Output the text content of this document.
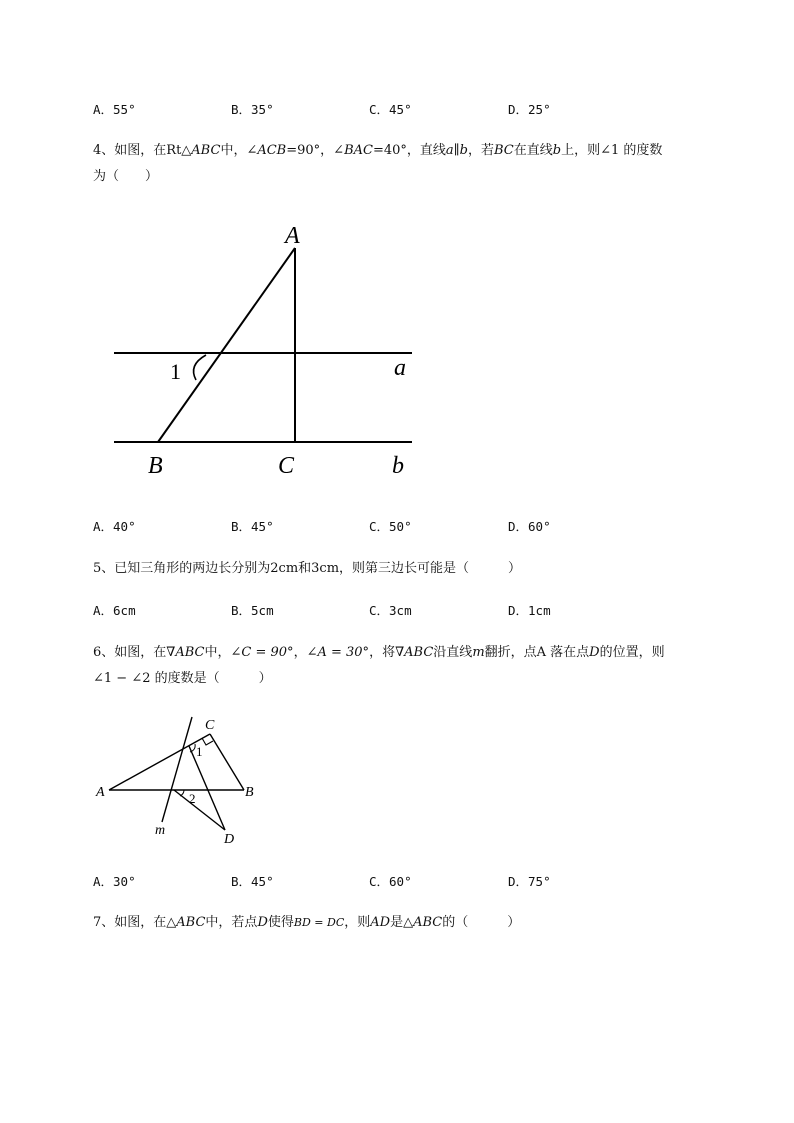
A．55°	B．35°	C．45°	D．25°
4、如图，在Rt△ABC中，∠ACB=90°，∠BAC=40°，直线a∥b，若BC在直线b上，则∠1 的度数
为（　　）
1
A
a
B	C	b
A．40°	B．45°	C．50°	D．60°
5、已知三角形的两边长分别为2cm和3cm，则第三边长可能是（　　　）
A．6cm	B．5cm	C．3cm	D．1cm
6、如图，在∇ABC中，∠C = 90°，∠A = 30°，将∇ABC沿直线m翻折，点A 落在点D的位置，则
∠1 − ∠2 的度数是（　　　）
C
1
A	B
2
m
D
A．30°	B．45°	C．60°	D．75°
7、如图，在△ABC中，若点D使得BD = DC，则AD是△ABC的（　　　）
